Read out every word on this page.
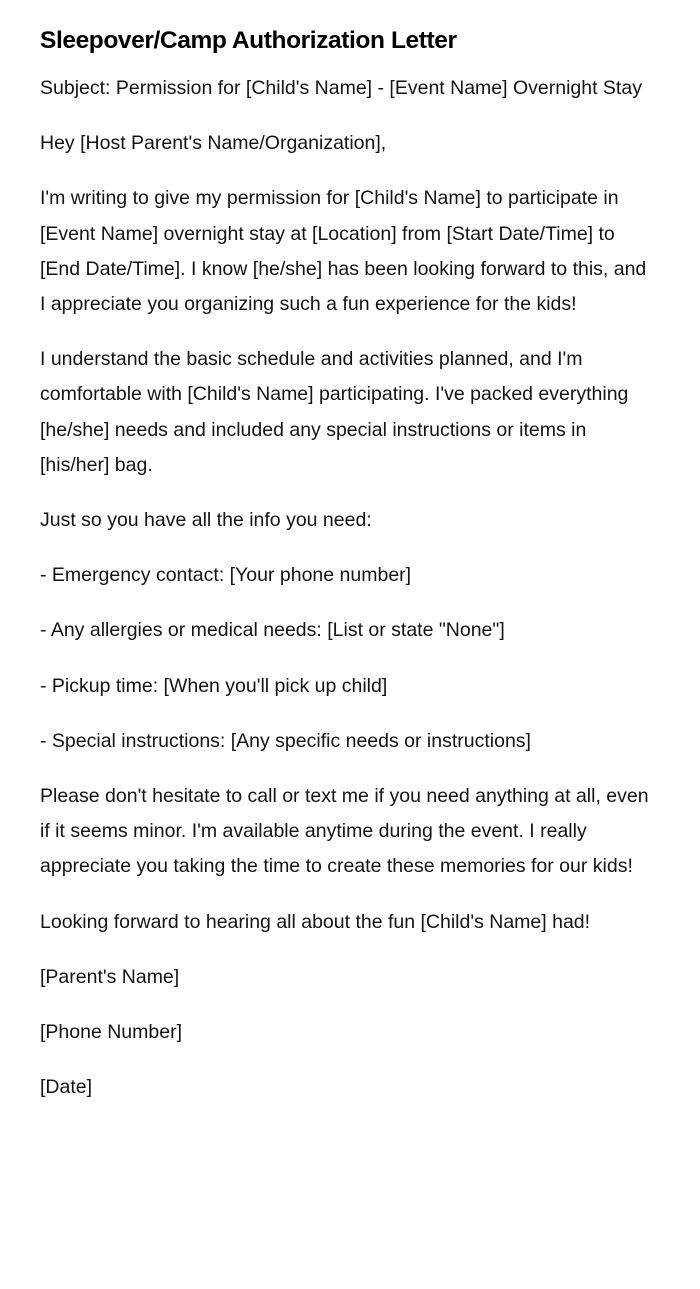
Sleepover/Camp Authorization Letter

Subject: Permission for [Child's Name] - [Event Name] Overnight Stay

Hey [Host Parent's Name/Organization],

I'm writing to give my permission for [Child's Name] to participate in [Event Name] overnight stay at [Location] from [Start Date/Time] to [End Date/Time]. I know [he/she] has been looking forward to this, and I appreciate you organizing such a fun experience for the kids!

I understand the basic schedule and activities planned, and I'm comfortable with [Child's Name] participating. I've packed everything [he/she] needs and included any special instructions or items in [his/her] bag.

Just so you have all the info you need:

- Emergency contact: [Your phone number]

- Any allergies or medical needs: [List or state "None"]

- Pickup time: [When you'll pick up child]

- Special instructions: [Any specific needs or instructions]

Please don't hesitate to call or text me if you need anything at all, even if it seems minor. I'm available anytime during the event. I really appreciate you taking the time to create these memories for our kids!

Looking forward to hearing all about the fun [Child's Name] had!

[Parent's Name]

[Phone Number]

[Date]
